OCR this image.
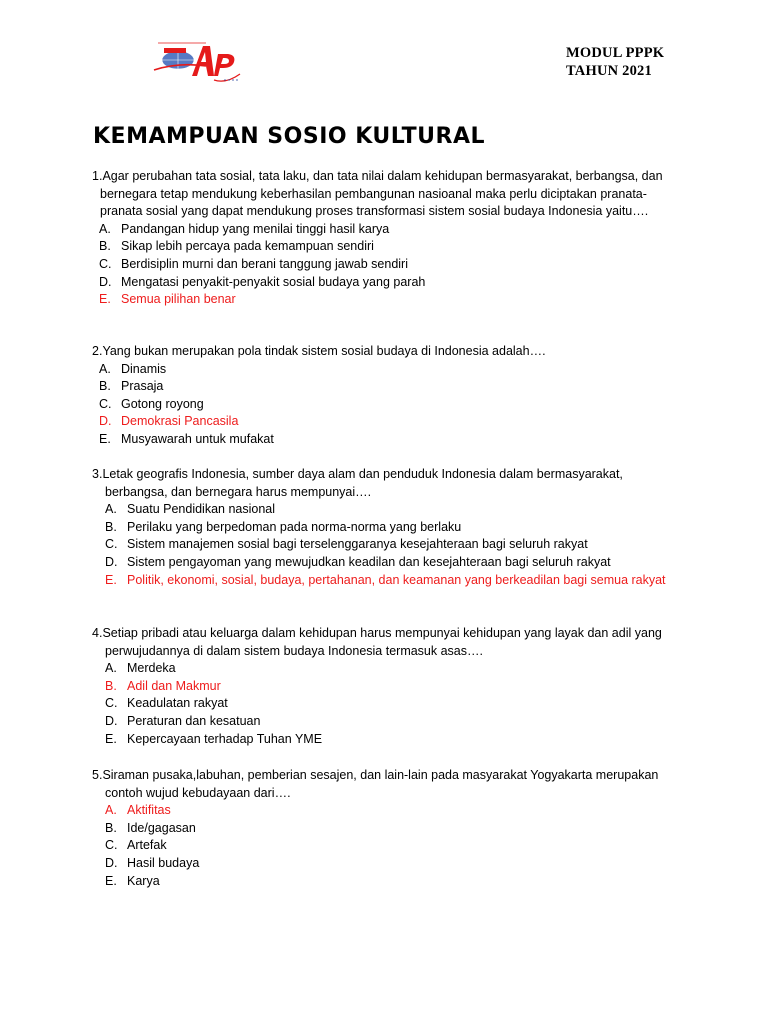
MODUL PPPK
TAHUN 2021
KEMAMPUAN SOSIO KULTURAL
1.Agar perubahan tata sosial, tata laku, dan tata nilai dalam kehidupan bermasyarakat, berbangsa, dan bernegara tetap mendukung keberhasilan pembangunan nasioanal maka perlu diciptakan pranata-pranata sosial yang dapat mendukung proses transformasi sistem sosial budaya Indonesia yaitu….
A. Pandangan hidup yang menilai tinggi hasil karya
B. Sikap lebih percaya pada kemampuan sendiri
C. Berdisiplin murni dan berani tanggung jawab sendiri
D. Mengatasi penyakit-penyakit sosial budaya yang parah
E. Semua pilihan benar
2.Yang bukan merupakan pola tindak sistem sosial budaya di Indonesia adalah….
A. Dinamis
B. Prasaja
C. Gotong royong
D. Demokrasi Pancasila
E. Musyawarah untuk mufakat
3.Letak geografis Indonesia, sumber daya alam dan penduduk Indonesia dalam bermasyarakat, berbangsa, dan bernegara harus mempunyai….
A. Suatu Pendidikan nasional
B. Perilaku yang berpedoman pada norma-norma yang berlaku
C. Sistem manajemen sosial bagi terselenggaranya kesejahteraan bagi seluruh rakyat
D. Sistem pengayoman yang mewujudkan keadilan dan kesejahteraan bagi seluruh rakyat
E. Politik, ekonomi, sosial, budaya, pertahanan, dan keamanan yang berkeadilan bagi semua rakyat
4.Setiap pribadi atau keluarga dalam kehidupan harus mempunyai kehidupan yang layak dan adil yang perwujudannya di dalam sistem budaya Indonesia termasuk asas….
A. Merdeka
B. Adil dan Makmur
C. Keadulatan rakyat
D. Peraturan dan kesatuan
E. Kepercayaan terhadap Tuhan YME
5.Siraman pusaka,labuhan, pemberian sesajen, dan lain-lain pada masyarakat Yogyakarta merupakan contoh wujud kebudayaan dari….
A. Aktifitas
B. Ide/gagasan
C. Artefak
D. Hasil budaya
E. Karya
